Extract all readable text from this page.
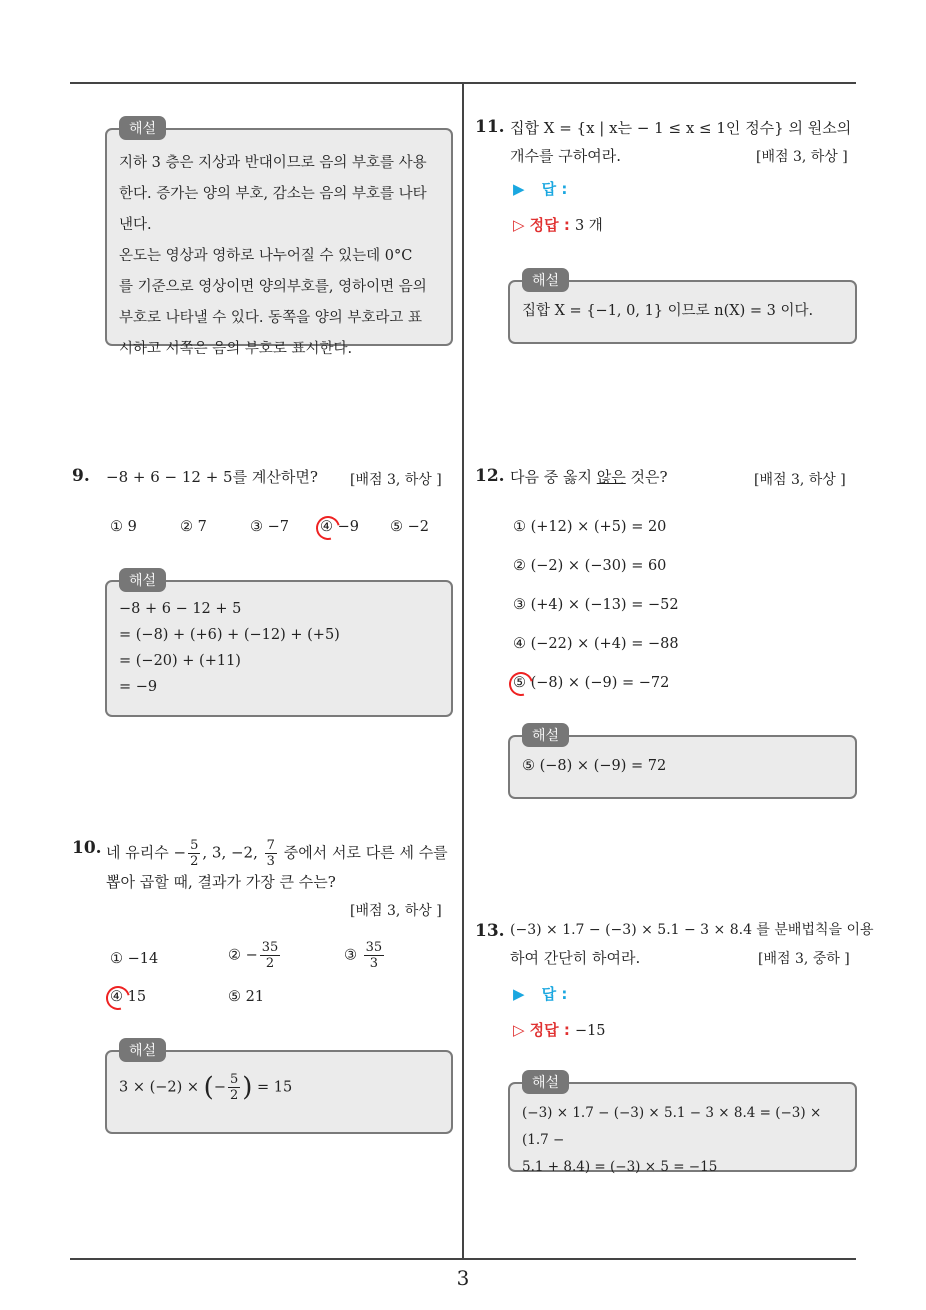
3
해설
지하 3 층은 지상과 반대이므로 음의 부호를 사용
한다. 증가는 양의 부호, 감소는 음의 부호를 나타
낸다.
온도는 영상과 영하로 나누어질 수 있는데 0°C
를 기준으로 영상이면 양의부호를, 영하이면 음의
부호로 나타낼 수 있다. 동쪽을 양의 부호라고 표
시하고 서쪽은 음의 부호로 표시한다.
9. −8 + 6 − 12 + 5를 계산하면? [배점 3, 하상 ]
① 9	② 7	③ −7 ④ −9 ⑤ −2
해설
−8 + 6 − 12 + 5
= (−8) + (+6) + (−12) + (+5)
= (−20) + (+11)
= −9
10. 네 유리수 − $\frac{5}{2}$ , 3, −2, $\frac{7}{3}$ 중에서 서로 다른 세 수를
뽑아 곱할 때, 결과가 가장 큰 수는?
[배점 3, 하상 ]
① −14	② − $\frac{35}{2}$	③ $\frac{35}{3}$
④ 15	⑤ 21
해설
3 × (−2) × (− $\frac{5}{2}$ ) = 15
11. 집합 X = {x | x는 − 1 ≤ x ≤ 1인 정수} 의 원소의
개수를 구하여라.	[배점 3, 하상 ]
▶ 답 :
▷ 정답 : 3 개
해설
집합 X = {−1, 0, 1} 이므로 n(X) = 3 이다.
12. 다음 중 옳지 않은 것은?	[배점 3, 하상 ]
① (+12) × (+5) = 20
② (−2) × (−30) = 60
③ (+4) × (−13) = −52
④ (−22) × (+4) = −88
⑤ (−8) × (−9) = −72
해설
⑤ (−8) × (−9) = 72
13. (−3) × 1.7 − (−3) × 5.1 − 3 × 8.4 를 분배법칙을 이용
하여 간단히 하여라.	[배점 3, 중하 ]
▶ 답 :
▷ 정답 : −15
해설
(−3) × 1.7 − (−3) × 5.1 − 3 × 8.4 = (−3) × (1.7 −
5.1 + 8.4) = (−3) × 5 = −15
